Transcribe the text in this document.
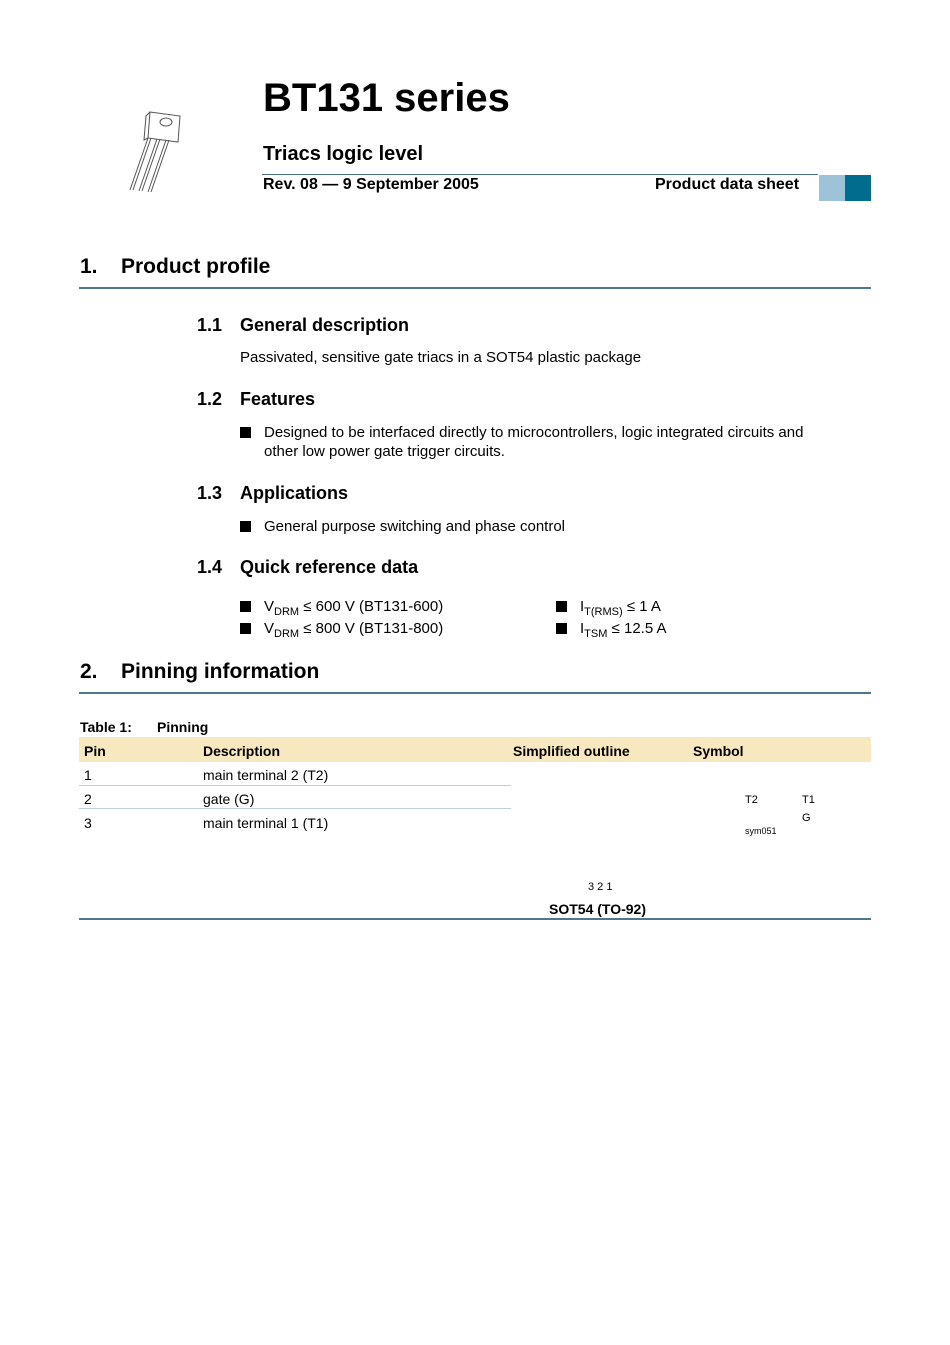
BT131 series
Triacs logic level
Rev. 08 — 9 September 2005	Product data sheet
1. Product profile
1.1 General description
Passivated, sensitive gate triacs in a SOT54 plastic package
1.2 Features
Designed to be interfaced directly to microcontrollers, logic integrated circuits and
other low power gate trigger circuits.
1.3 Applications
General purpose switching and phase control
1.4 Quick reference data
$V_{DRM} \le 600$ V (BT131-600)
$V_{DRM} \le 800$ V (BT131-800)
$I_{T(RMS)} \le 1$ A
$I_{TSM} \le 12.5$ A
2. Pinning information
Table 1: Pinning
Pin	Description	Simplified outline	Symbol
1	main terminal 2 (T2)
2	gate (G)
3	main terminal 1 (T1)
T2	T1
G
sym051
3 2 1
SOT54 (TO-92)
